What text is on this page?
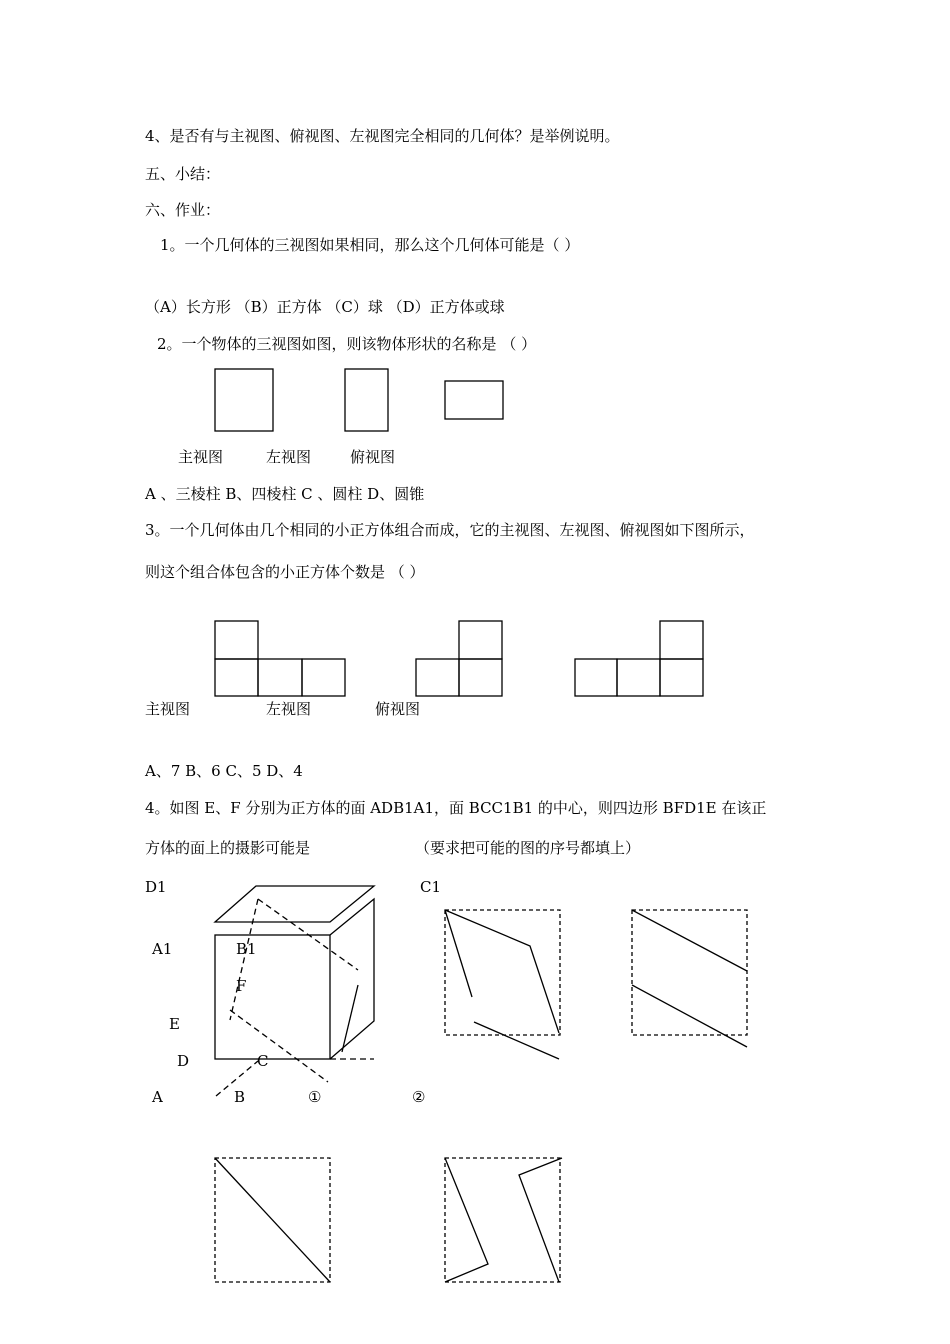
4、是否有与主视图、俯视图、左视图完全相同的几何体？是举例说明。
五、小结：
六、作业：
1。一个几何体的三视图如果相同，那么这个几何体可能是（ ）
（A）长方形 （B）正方体 （C）球 （D）正方体或球
2。一个物体的三视图如图，则该物体形状的名称是 （ ）
主视图	左视图	俯视图
A 、三棱柱 B、四棱柱 C 、圆柱 D、圆锥
3。一个几何体由几个相同的小正方体组合而成，它的主视图、左视图、俯视图如下图所示，
则这个组合体包含的小正方体个数是 （ ）
主视图	左视图	俯视图
A、7 B、6 C、5 D、4
4。如图 E、F 分别为正方体的面 ADB1A1，面 BCC1B1 的中心，则四边形 BFD1E 在该正
方体的面上的摄影可能是	（要求把可能的图的序号都填上）
D1	C1
A1	B1
F
E
D	C
A	B	①	②
